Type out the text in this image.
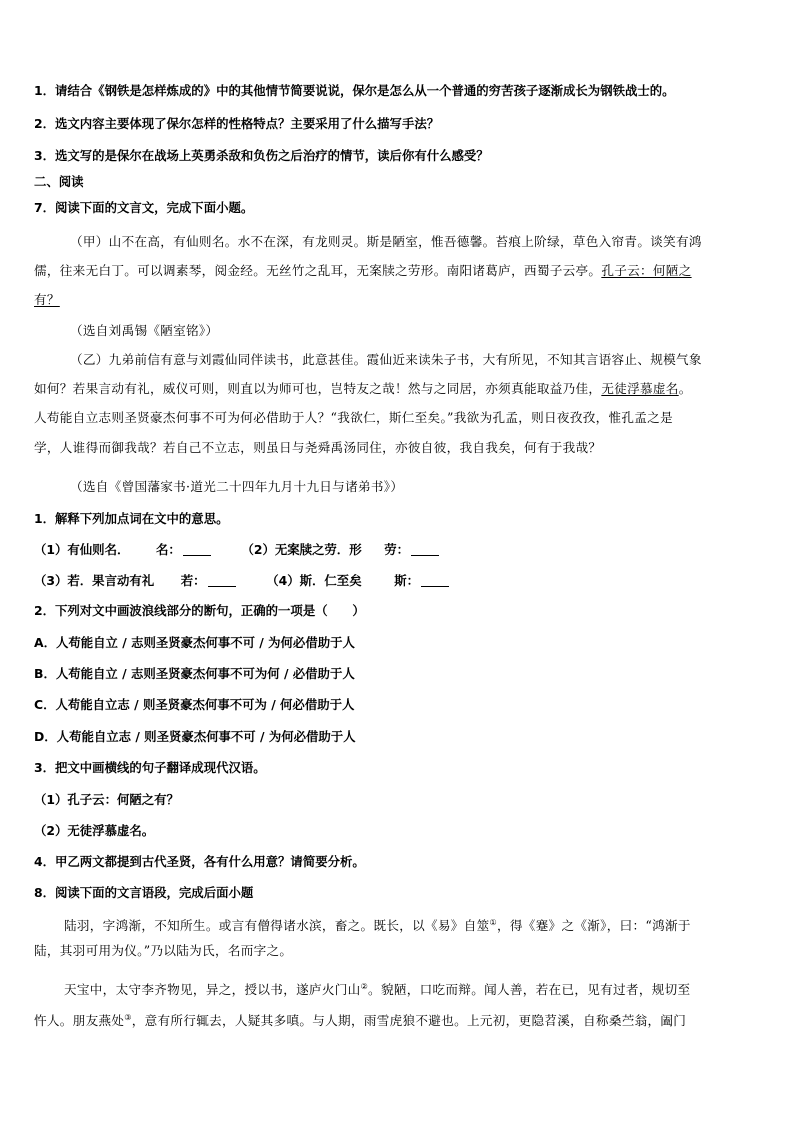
1．请结合《钢铁是怎样炼成的》中的其他情节简要说说，保尔是怎么从一个普通的穷苦孩子逐渐成长为钢铁战士的。
2．选文内容主要体现了保尔怎样的性格特点？主要采用了什么描写手法？
3．选文写的是保尔在战场上英勇杀敌和负伤之后治疗的情节，读后你有什么感受？
二、阅读
7．阅读下面的文言文，完成下面小题。
（甲）山不在高，有仙则名。水不在深，有龙则灵。斯是陋室，惟吾德馨。苔痕上阶绿，草色入帘青。谈笑有鸿
儒，往来无白丁。可以调素琴，阅金经。无丝竹之乱耳，无案牍之劳形。南阳诸葛庐，西蜀子云亭。孔子云：何陋之
有？
（选自刘禹锡《陋室铭》）
（乙）九弟前信有意与刘霞仙同伴读书，此意甚佳。霞仙近来读朱子书，大有所见，不知其言语容止、规模气象
如何？若果言动有礼，威仪可则，则直以为师可也，岂特友之哉！然与之同居，亦须真能取益乃佳，无徒浮慕虚名。
人苟能自立志则圣贤豪杰何事不可为何必借助于人？“我欲仁，斯仁至矣。”我欲为孔孟，则日夜孜孜，惟孔孟之是
学，人谁得而御我哉？若自己不立志，则虽日与尧舜禹汤同住，亦彼自彼，我自我矣，何有于我哉？
（选自《曾国藩家书·道光二十四年九月十九日与诸弟书》）
1．解释下列加点词在文中的意思。
（1）有仙则名． 名：	（2）无案牍之劳．形 劳：
（3）若．果言动有礼 若：	（4）斯．仁至矣	斯：
2．下列对文中画波浪线部分的断句，正确的一项是（　　）
A．人苟能自立 / 志则圣贤豪杰何事不可 / 为何必借助于人
B．人苟能自立 / 志则圣贤豪杰何事不可为何 / 必借助于人
C．人苟能自立志 / 则圣贤豪杰何事不可为 / 何必借助于人
D．人苟能自立志 / 则圣贤豪杰何事不可 / 为何必借助于人
3．把文中画横线的句子翻译成现代汉语。
（1）孔子云：何陋之有？
（2）无徒浮慕虚名。
4．甲乙两文都提到古代圣贤，各有什么用意？请简要分析。
8．阅读下面的文言语段，完成后面小题
陆羽，字鸿渐，不知所生。或言有僧得诸水滨，畜之。既长，以《易》自筮①，得《蹇》之《渐》，曰：“鸿渐于
陆，其羽可用为仪。”乃以陆为氏，名而字之。
天宝中，太守李齐物见，异之，授以书，遂庐火门山②。貌陋，口吃而辩。闻人善，若在已，见有过者，规切至
忤人。朋友燕处③，意有所行辄去，人疑其多嗔。与人期，雨雪虎狼不避也。上元初，更隐苕溪，自称桑苎翁，阖门
